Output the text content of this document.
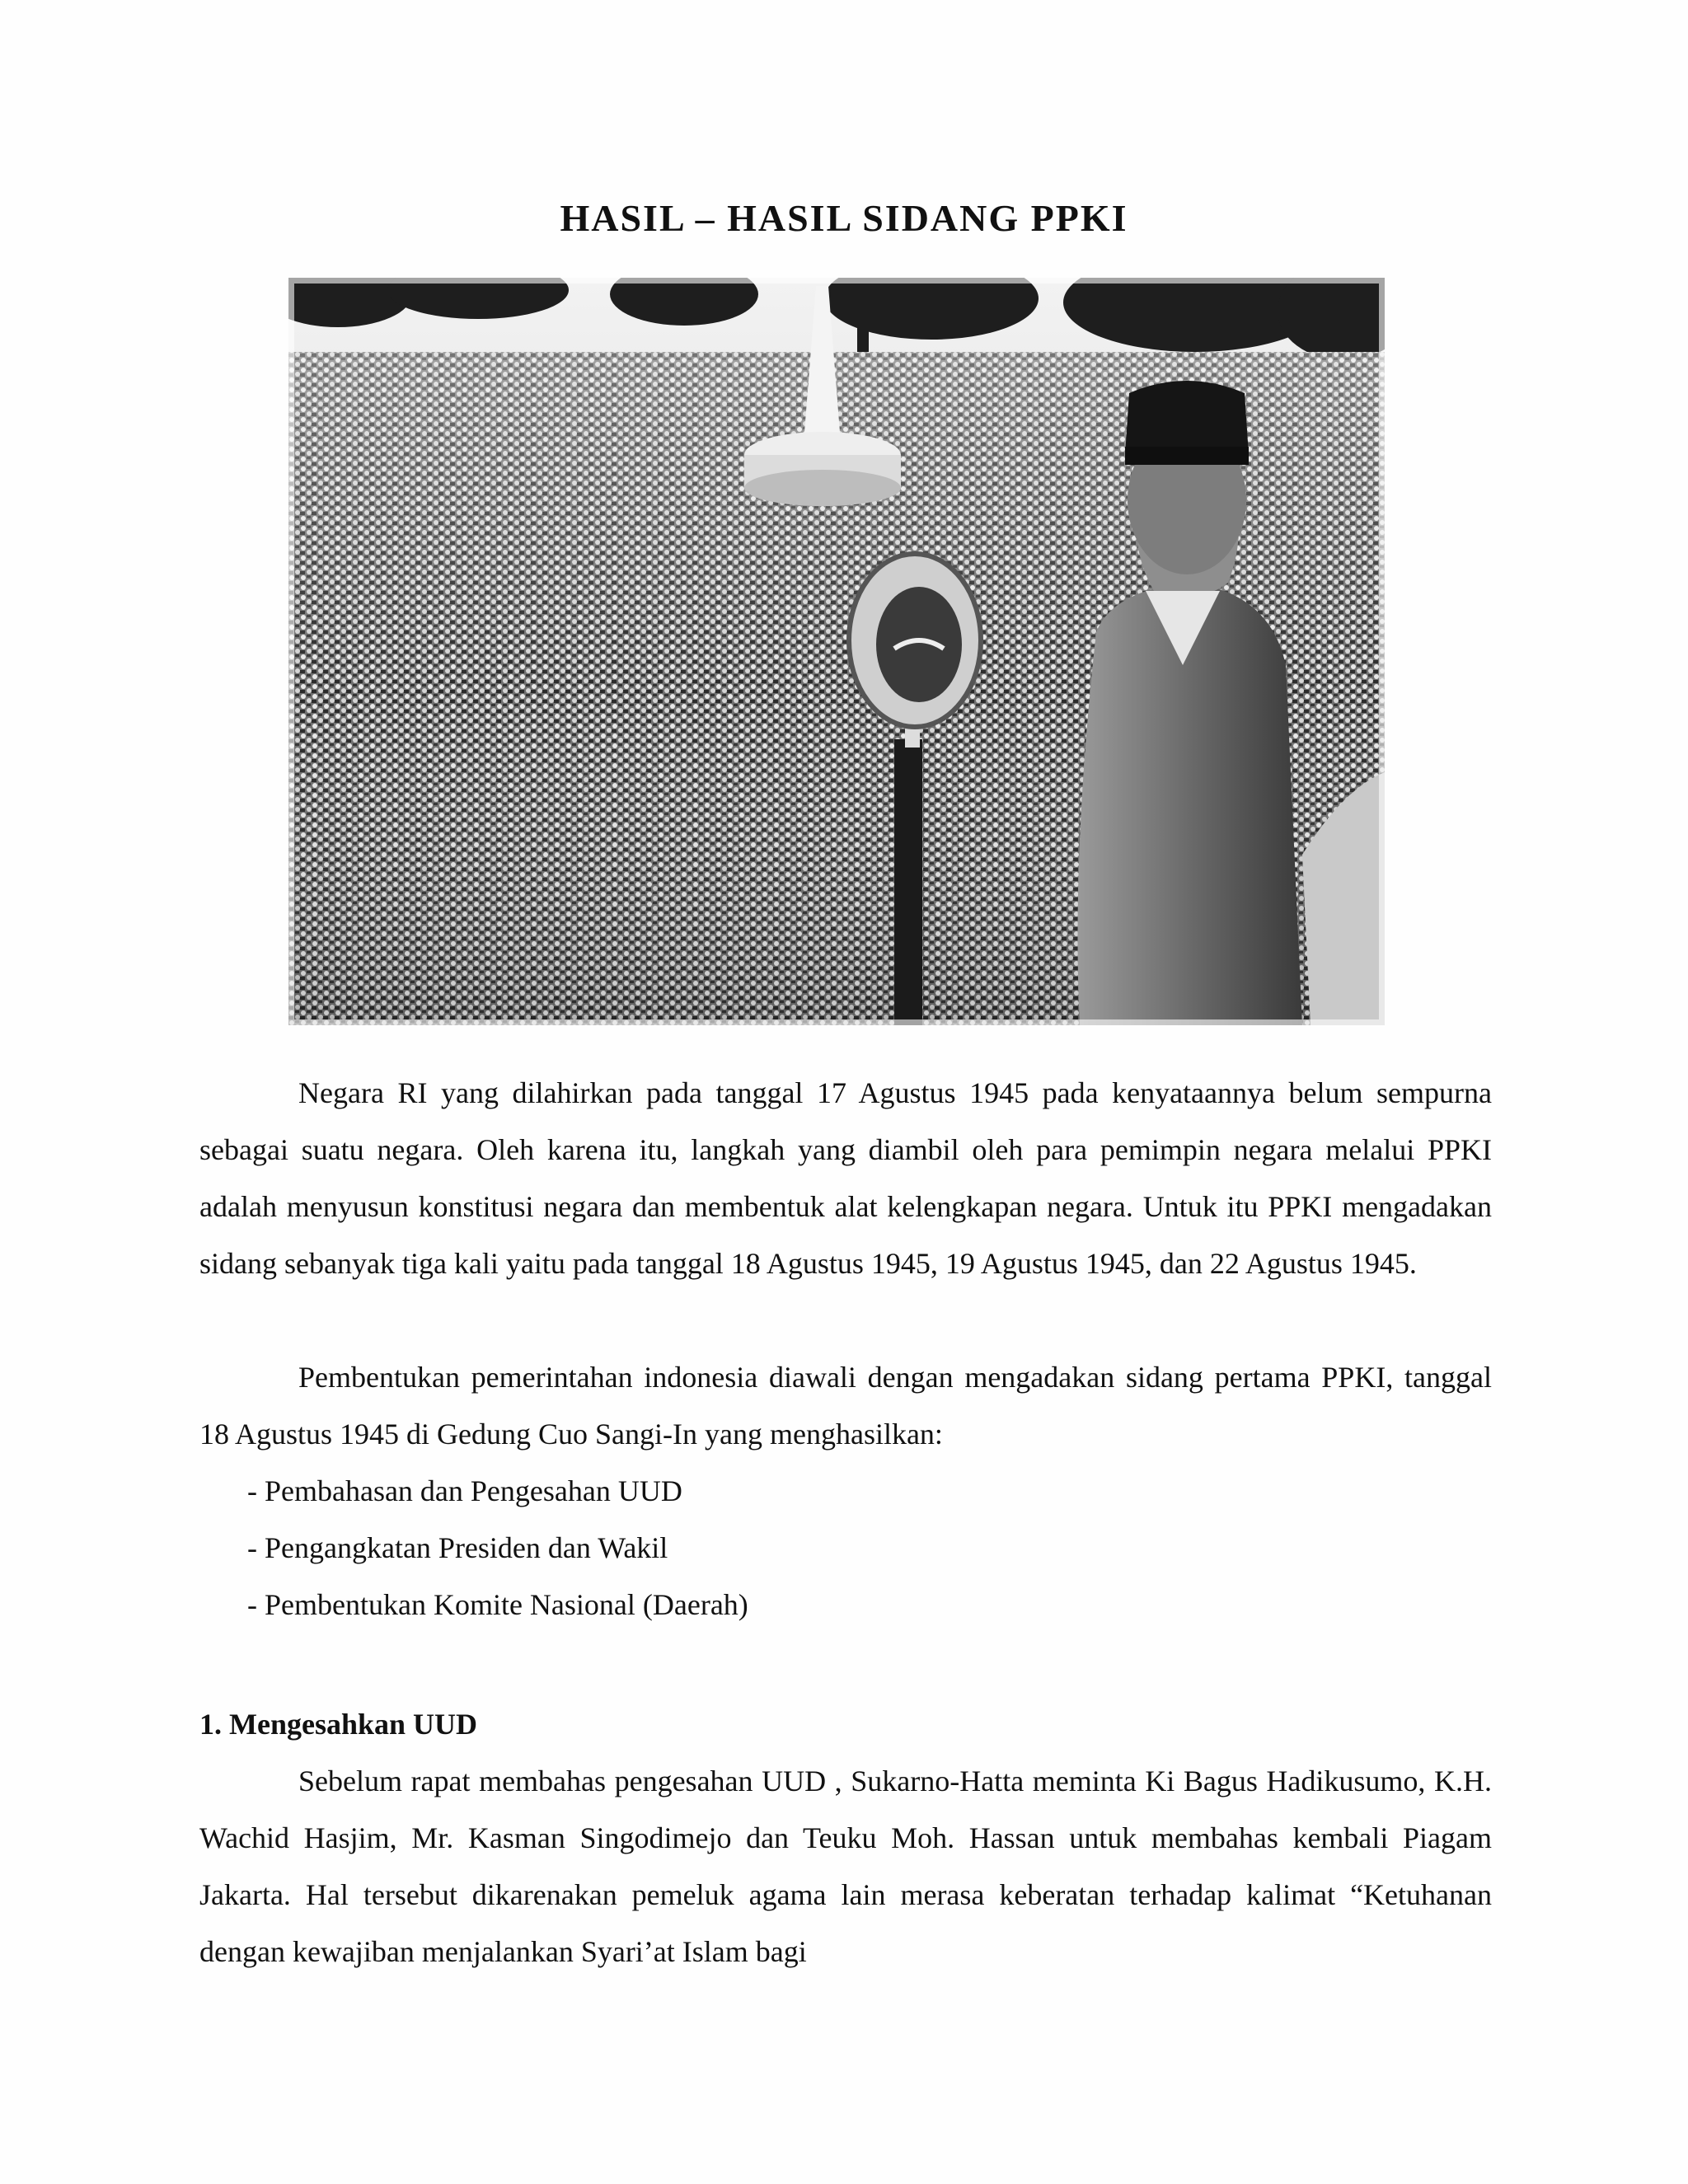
HASIL – HASIL SIDANG PPKI

Negara RI yang dilahirkan pada tanggal 17 Agustus 1945 pada kenyataannya belum sempurna sebagai suatu negara. Oleh karena itu, langkah yang diambil oleh para pemimpin negara melalui PPKI adalah menyusun konstitusi negara dan membentuk alat kelengkapan negara. Untuk itu PPKI mengadakan sidang sebanyak tiga kali yaitu pada tanggal 18 Agustus 1945, 19 Agustus 1945, dan 22 Agustus 1945.

Pembentukan pemerintahan indonesia diawali dengan mengadakan sidang pertama PPKI, tanggal 18 Agustus 1945 di Gedung Cuo Sangi-In yang menghasilkan:

- Pembahasan dan Pengesahan UUD
- Pengangkatan Presiden dan Wakil
- Pembentukan Komite Nasional (Daerah)
1. Mengesahkan UUD

Sebelum rapat membahas pengesahan UUD , Sukarno-Hatta meminta Ki Bagus Hadikusumo, K.H. Wachid Hasjim, Mr. Kasman Singodimejo dan Teuku Moh. Hassan untuk membahas kembali Piagam Jakarta. Hal tersebut dikarenakan pemeluk agama lain merasa keberatan terhadap kalimat “Ketuhanan dengan kewajiban menjalankan Syari’at Islam bagi
